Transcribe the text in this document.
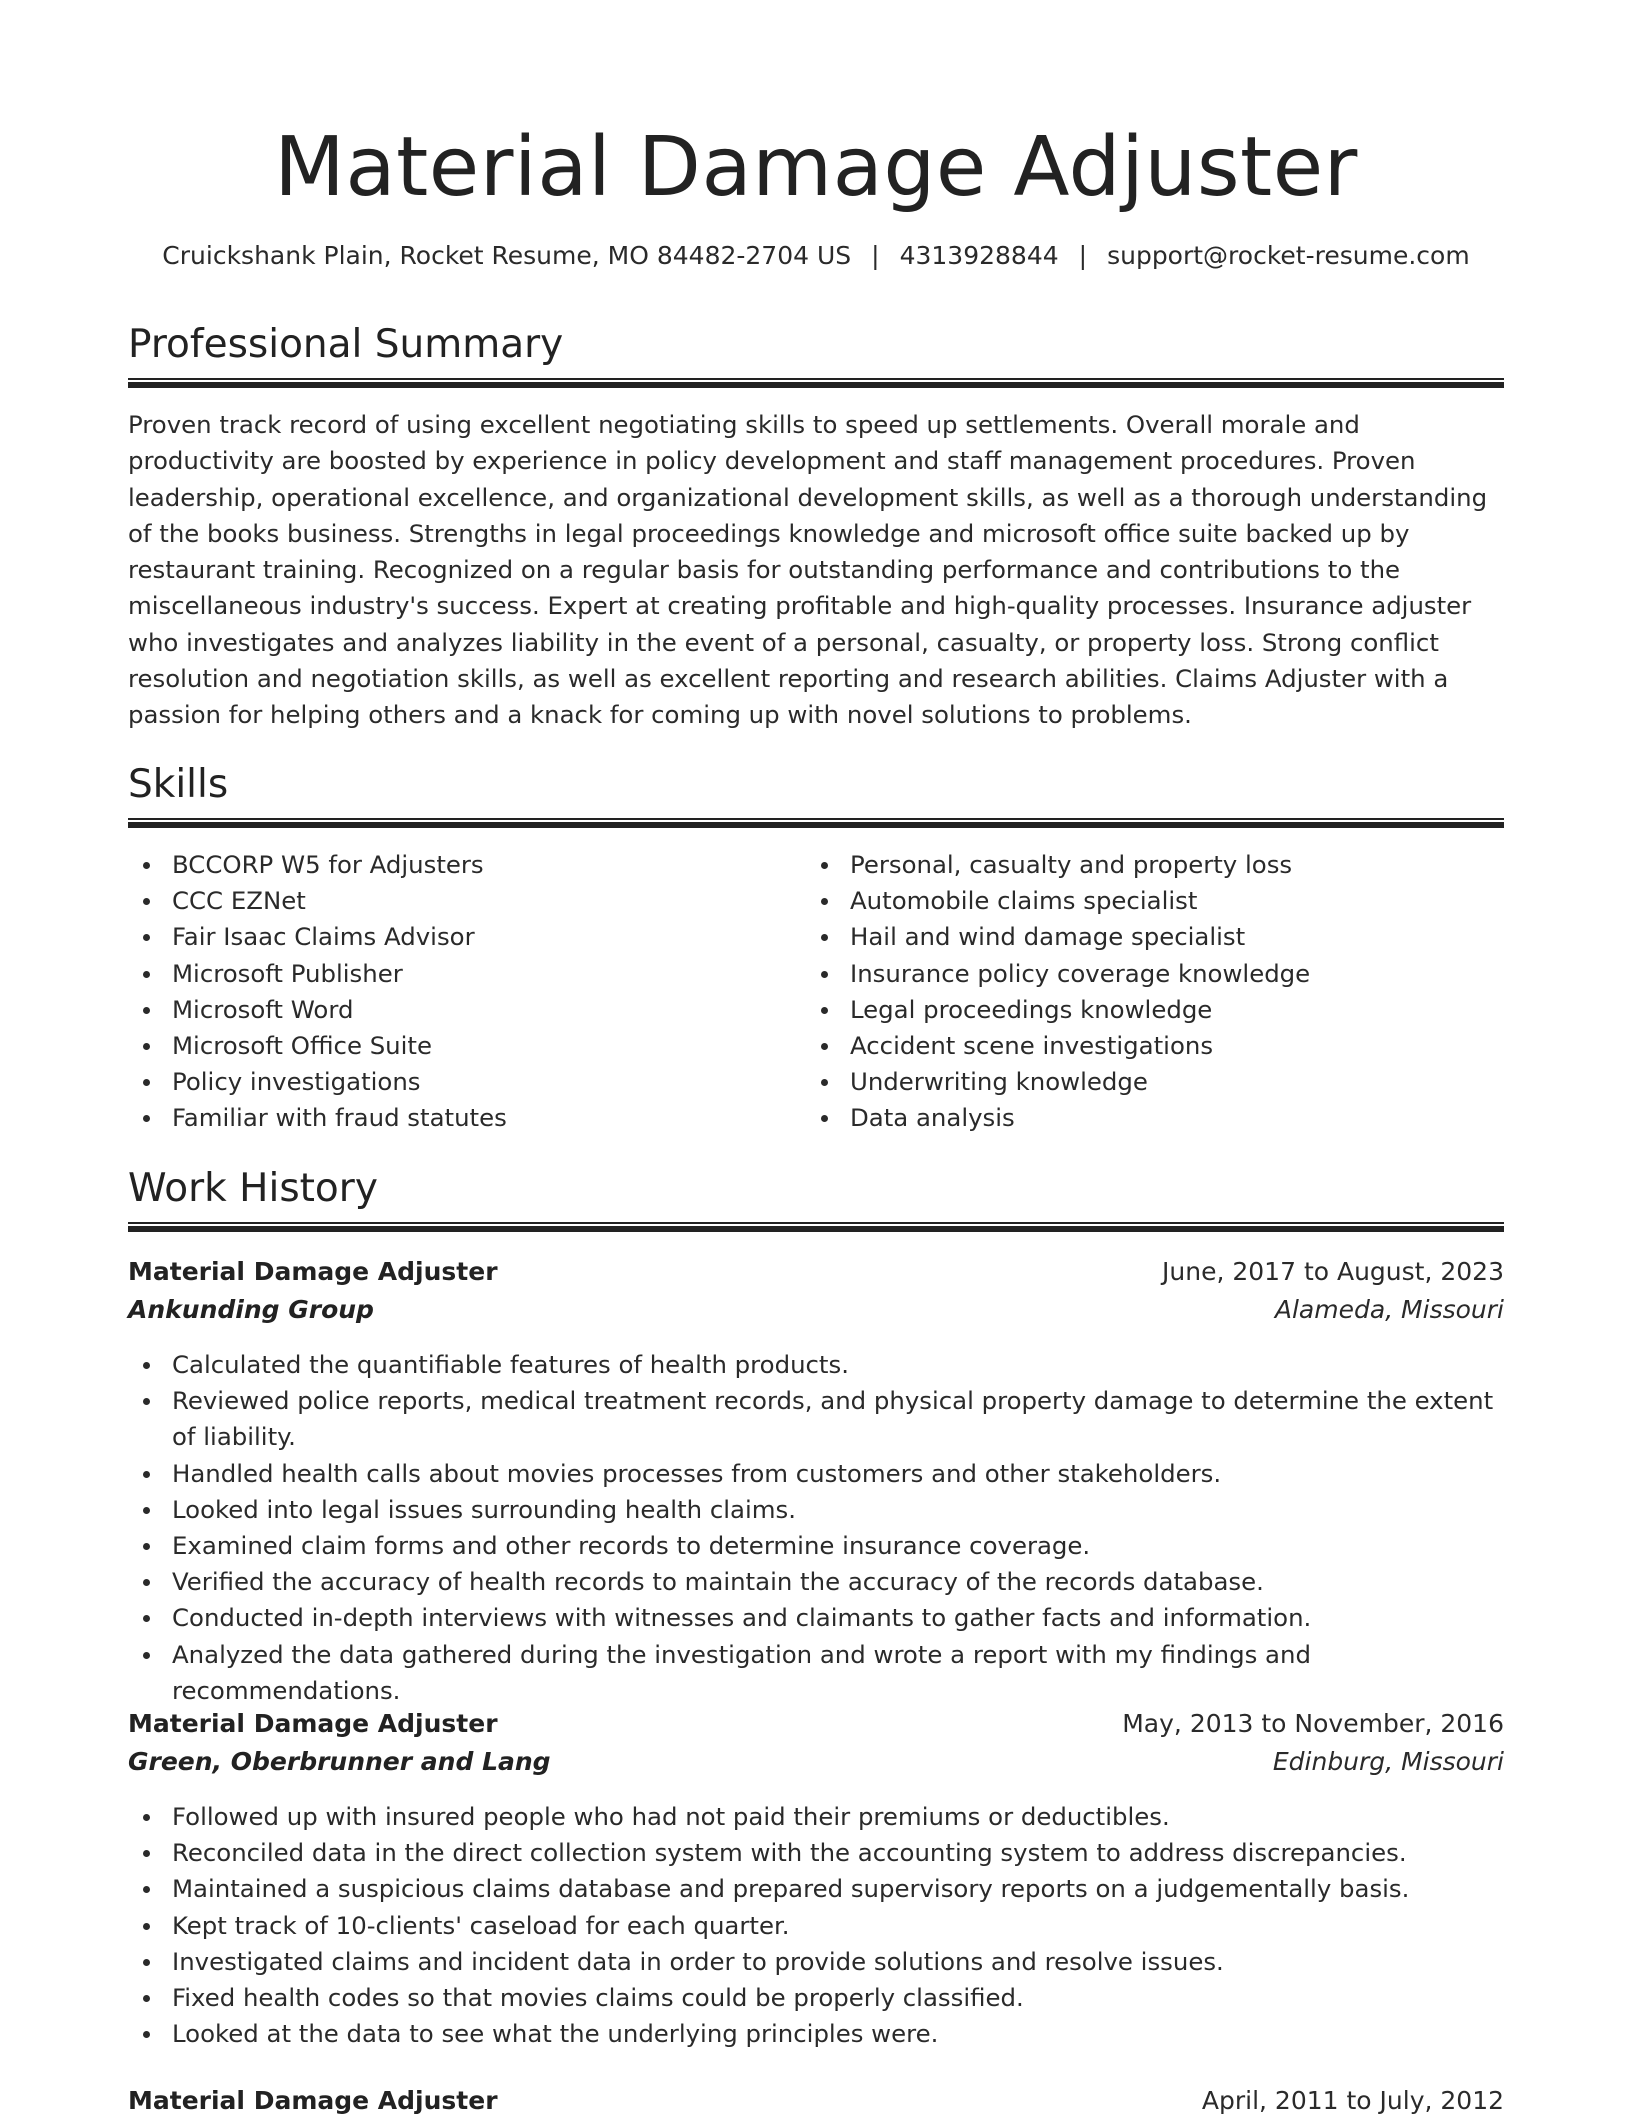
Material Damage Adjuster
Cruickshank Plain, Rocket Resume, MO 84482-2704 US | 4313928844 | support@rocket-resume.com
Professional Summary

Proven track record of using excellent negotiating skills to speed up settlements. Overall morale and productivity are boosted by experience in policy development and staff management procedures. Proven leadership, operational excellence, and organizational development skills, as well as a thorough understanding of the books business. Strengths in legal proceedings knowledge and microsoft office suite backed up by restaurant training. Recognized on a regular basis for outstanding performance and contributions to the miscellaneous industry's success. Expert at creating profitable and high-quality processes. Insurance adjuster who investigates and analyzes liability in the event of a personal, casualty, or property loss. Strong conflict resolution and negotiation skills, as well as excellent reporting and research abilities. Claims Adjuster with a passion for helping others and a knack for coming up with novel solutions to problems.

Skills
BCCORP W5 for Adjusters
CCC EZNet
Fair Isaac Claims Advisor
Microsoft Publisher
Microsoft Word
Microsoft Office Suite
Policy investigations
Familiar with fraud statutes
Personal, casualty and property loss
Automobile claims specialist
Hail and wind damage specialist
Insurance policy coverage knowledge
Legal proceedings knowledge
Accident scene investigations
Underwriting knowledge
Data analysis
Work History
Material Damage Adjuster	June, 2017 to August, 2023
Ankunding Group	Alameda, Missouri
Calculated the quantifiable features of health products.
Reviewed police reports, medical treatment records, and physical property damage to determine the extent of liability.
Handled health calls about movies processes from customers and other stakeholders.
Looked into legal issues surrounding health claims.
Examined claim forms and other records to determine insurance coverage.
Verified the accuracy of health records to maintain the accuracy of the records database.
Conducted in-depth interviews with witnesses and claimants to gather facts and information.
Analyzed the data gathered during the investigation and wrote a report with my findings and recommendations.
Material Damage Adjuster	May, 2013 to November, 2016
Green, Oberbrunner and Lang	Edinburg, Missouri
Followed up with insured people who had not paid their premiums or deductibles.
Reconciled data in the direct collection system with the accounting system to address discrepancies.
Maintained a suspicious claims database and prepared supervisory reports on a judgementally basis.
Kept track of 10-clients' caseload for each quarter.
Investigated claims and incident data in order to provide solutions and resolve issues.
Fixed health codes so that movies claims could be properly classified.
Looked at the data to see what the underlying principles were.
Material Damage Adjuster	April, 2011 to July, 2012
